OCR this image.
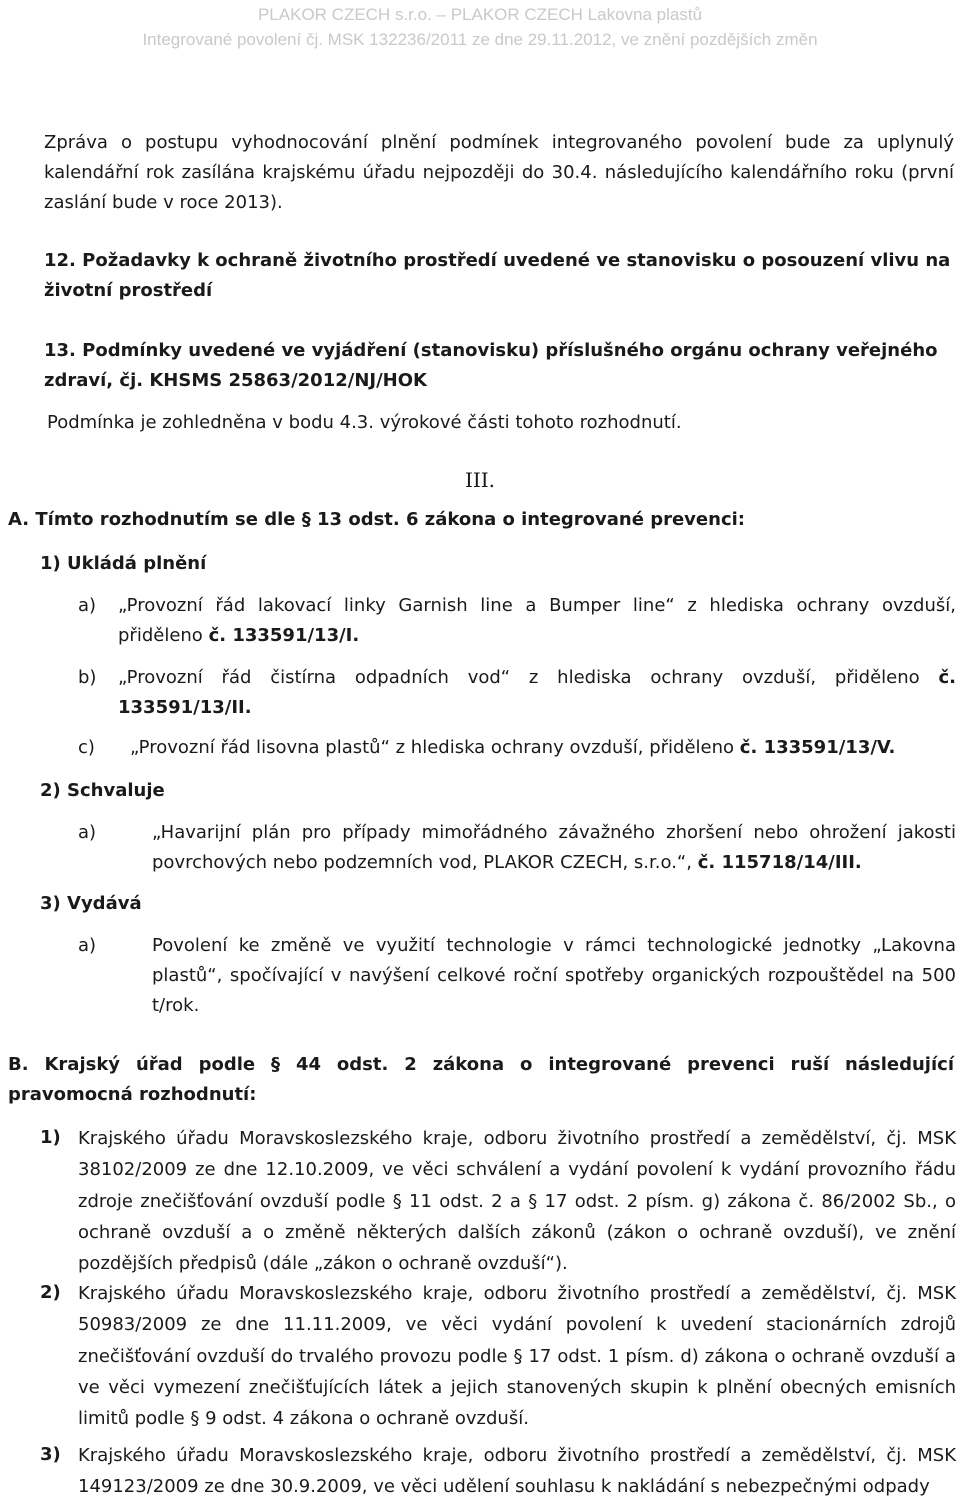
PLAKOR CZECH s.r.o. – PLAKOR CZECH Lakovna plastů
Integrované povolení čj. MSK 132236/2011 ze dne 29.11.2012, ve znění pozdějších změn
Zpráva o postupu vyhodnocování plnění podmínek integrovaného povolení bude za uplynulý kalendářní rok zasílána krajskému úřadu nejpozději do 30.4. následujícího kalendářního roku (první zaslání bude v roce 2013).
12. Požadavky k ochraně životního prostředí uvedené ve stanovisku o posouzení vlivu na životní prostředí
13. Podmínky uvedené ve vyjádření (stanovisku) příslušného orgánu ochrany veřejného zdraví, čj. KHSMS 25863/2012/NJ/HOK
Podmínka je zohledněna v bodu 4.3. výrokové části tohoto rozhodnutí.
III.
A. Tímto rozhodnutím se dle § 13 odst. 6 zákona o integrované prevenci:
1) Ukládá plnění
a) „Provozní řád lakovací linky Garnish line a Bumper line“ z hlediska ochrany ovzduší, přiděleno č. 133591/13/I.
b) „Provozní řád čistírna odpadních vod“ z hlediska ochrany ovzduší, přiděleno č. 133591/13/II.
c) „Provozní řád lisovna plastů“ z hlediska ochrany ovzduší, přiděleno č. 133591/13/V.
2) Schvaluje
a)	„Havarijní plán pro případy mimořádného závažného zhoršení nebo ohrožení jakosti povrchových nebo podzemních vod, PLAKOR CZECH, s.r.o.“, č. 115718/14/III.
3) Vydává
a)	Povolení ke změně ve využití technologie v rámci technologické jednotky „Lakovna plastů“, spočívající v navýšení celkové roční spotřeby organických rozpouštědel na 500 t/rok.
B. Krajský úřad podle § 44 odst. 2 zákona o integrované prevenci ruší následující pravomocná rozhodnutí:
1) Krajského úřadu Moravskoslezského kraje, odboru životního prostředí a zemědělství, čj. MSK 38102/2009 ze dne 12.10.2009, ve věci schválení a vydání povolení k vydání provozního řádu zdroje znečišťování ovzduší podle § 11 odst. 2 a § 17 odst. 2 písm. g) zákona č. 86/2002 Sb., o ochraně ovzduší a o změně některých dalších zákonů (zákon o ochraně ovzduší), ve znění pozdějších předpisů (dále „zákon o ochraně ovzduší“).
2) Krajského úřadu Moravskoslezského kraje, odboru životního prostředí a zemědělství, čj. MSK 50983/2009 ze dne 11.11.2009, ve věci vydání povolení k uvedení stacionárních zdrojů znečišťování ovzduší do trvalého provozu podle § 17 odst. 1 písm. d) zákona o ochraně ovzduší a ve věci vymezení znečišťujících látek a jejich stanovených skupin k plnění obecných emisních limitů podle § 9 odst. 4 zákona o ochraně ovzduší.
3) Krajského úřadu Moravskoslezského kraje, odboru životního prostředí a zemědělství, čj. MSK 149123/2009 ze dne 30.9.2009, ve věci udělení souhlasu k nakládání s nebezpečnými odpady
